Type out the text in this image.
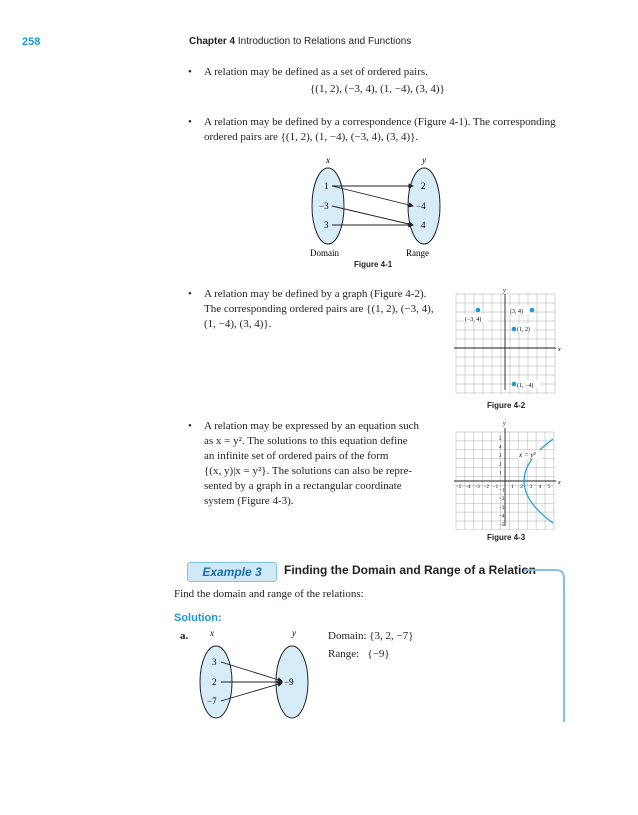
258	Chapter 4 Introduction to Relations and Functions
• A relation may be defined as a set of ordered pairs.
{(1, 2), (−3, 4), (1, −4), (3, 4)}
• A relation may be defined by a correspondence (Figure 4-1). The corresponding
ordered pairs are {(1, 2), (1, −4), (−3, 4), (3, 4)}.
x	y
1
−3
3
2
−4
4
Domain	Range
Figure 4-1
• A relation may be defined by a graph (Figure 4-2).
The corresponding ordered pairs are {(1, 2), (−3, 4),
(1, −4), (3, 4)}.
x
y
(3, 4)
(−3, 4)
(1, 2)
(1, −4)
Figure 4-2
• A relation may be expressed by an equation such
as x = y². The solutions to this equation define
an infinite set of ordered pairs of the form
{(x, y)|x = y²}. The solutions can also be repre-
sented by a graph in a rectangular coordinate
system (Figure 4-3).
x
y
−5 −4 −3 −2 −1	1 2 3 4 5
5
4
3
2
1
−1
−2
−3
−4
−5
x = y²
Figure 4-3
Example 3	Finding the Domain and Range of a Relation
Find the domain and range of the relations:
Solution:
a. x	y
3
2
−7
−9
Domain: {3, 2, −7}
Range:   {−9}
